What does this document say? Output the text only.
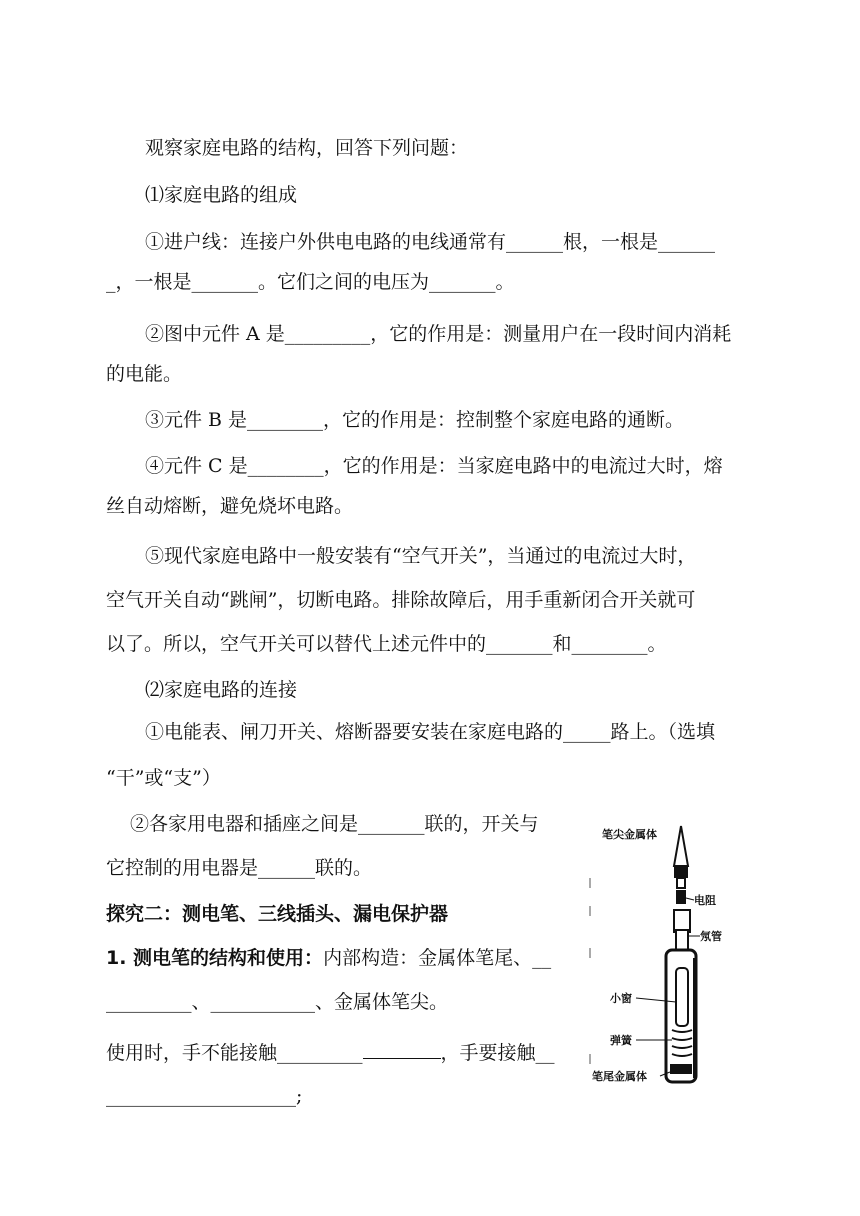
观察家庭电路的结构，回答下列问题：
⑴家庭电路的组成
①进户线：连接户外供电电路的电线通常有______根，一根是______
_，一根是_______。它们之间的电压为_______。
②图中元件 A 是_________，它的作用是：测量用户在一段时间内消耗
的电能。
③元件 B 是________，它的作用是：控制整个家庭电路的通断。
④元件 C 是________，它的作用是：当家庭电路中的电流过大时，熔
丝自动熔断，避免烧坏电路。
⑤现代家庭电路中一般安装有“空气开关”，当通过的电流过大时，
空气开关自动“跳闸”，切断电路。排除故障后，用手重新闭合开关就可
以了。所以，空气开关可以替代上述元件中的_______和________。
⑵家庭电路的连接
①电能表、闸刀开关、熔断器要安装在家庭电路的_____路上。（选填
“干”或“支”）
②各家用电器和插座之间是_______联的，开关与
它控制的用电器是______联的。
探究二：测电笔、三线插头、漏电保护器
1. 测电笔的结构和使用：内部构造：金属体笔尾、__
_________、___________、金属体笔尖。
使用时，手不能接触_________	，手要接触__
____________________;
笔尖金属体
电阻
氖管
小窗
弹簧
笔尾金属体
